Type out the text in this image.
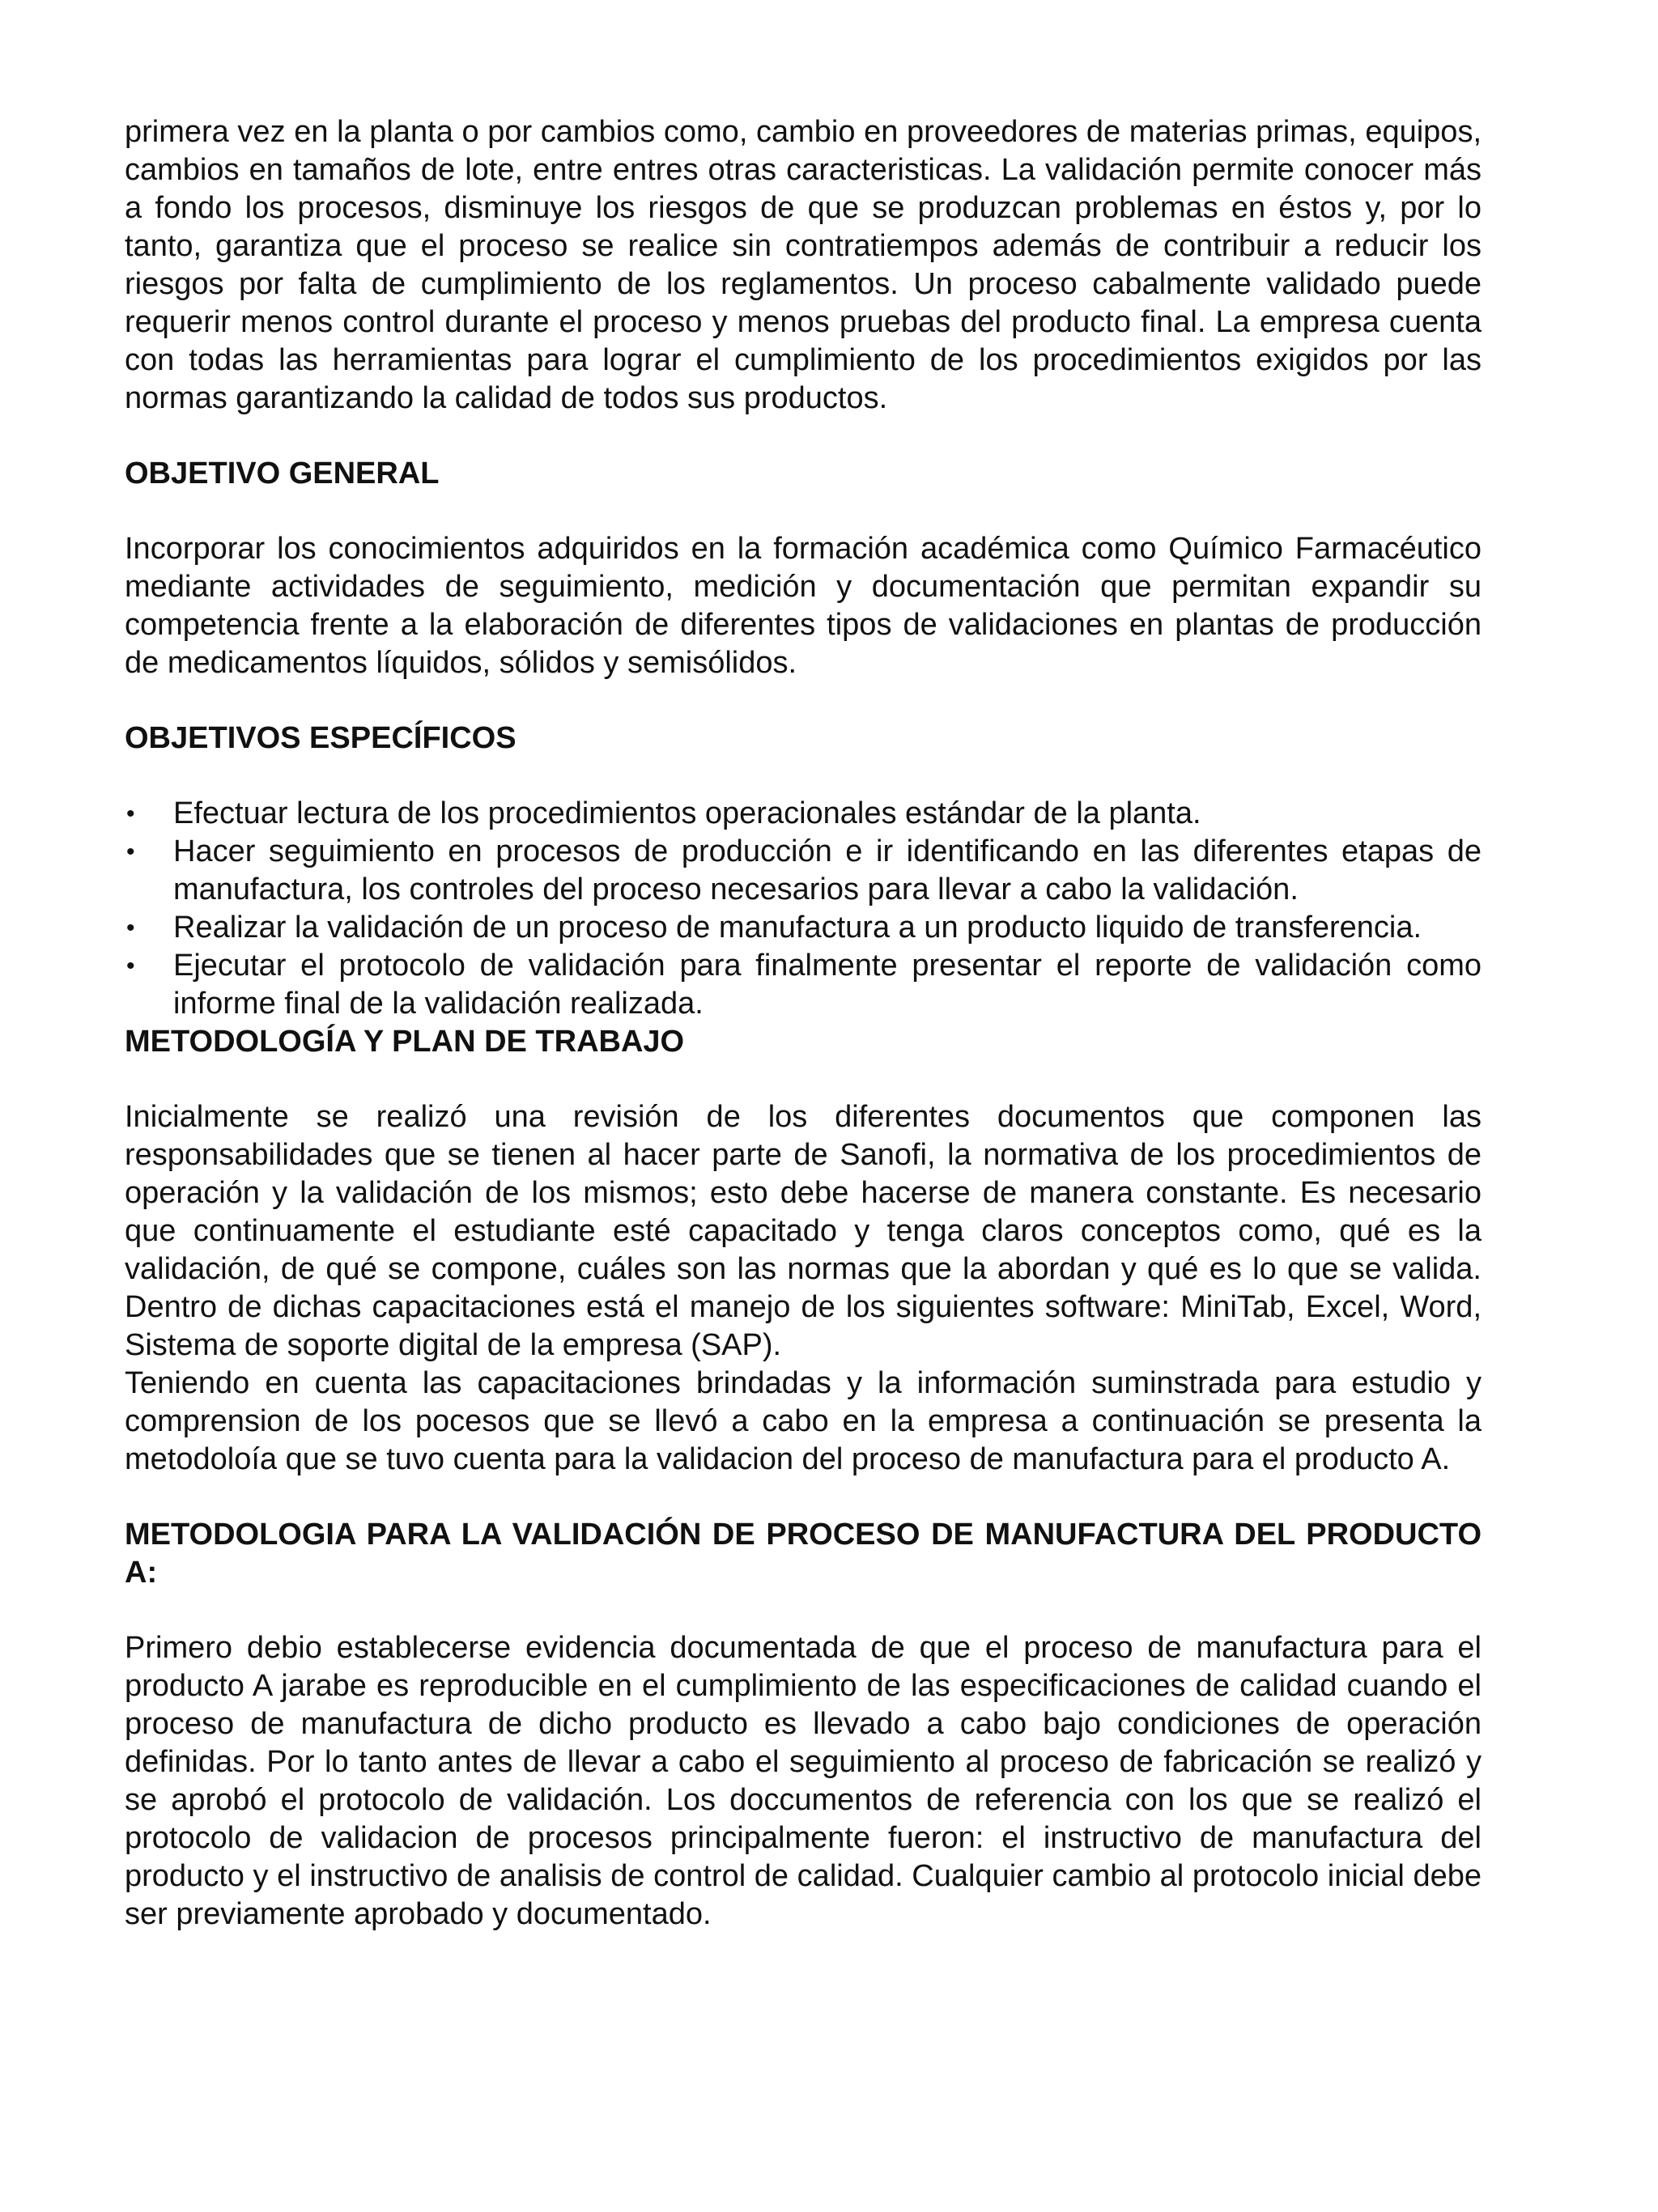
primera vez en la planta o por cambios como, cambio en proveedores de materias primas, equipos, cambios en tamaños de lote, entre entres otras caracteristicas. La validación permite conocer más a fondo los procesos, disminuye los riesgos de que se produzcan problemas en éstos y, por lo tanto, garantiza que el proceso se realice sin contratiempos además de contribuir a reducir los riesgos por falta de cumplimiento de los reglamentos. Un proceso cabalmente validado puede requerir menos control durante el proceso y menos pruebas del producto final. La empresa cuenta con todas las herramientas para lograr el cumplimiento de los procedimientos exigidos por las normas garantizando la calidad de todos sus productos.

OBJETIVO GENERAL

Incorporar los conocimientos adquiridos en la formación académica como Químico Farmacéutico mediante actividades de seguimiento, medición y documentación que permitan expandir su competencia frente a la elaboración de diferentes tipos de validaciones en plantas de producción de medicamentos líquidos, sólidos y semisólidos.

OBJETIVOS ESPECÍFICOS
• Efectuar lectura de los procedimientos operacionales estándar de la planta.
• Hacer seguimiento en procesos de producción e ir identificando en las diferentes etapas de manufactura, los controles del proceso necesarios para llevar a cabo la validación.
• Realizar la validación de un proceso de manufactura a un producto liquido de transferencia.
• Ejecutar el protocolo de validación para finalmente presentar el reporte de validación como informe final de la validación realizada.
METODOLOGÍA Y PLAN DE TRABAJO

Inicialmente se realizó una revisión de los diferentes documentos que componen las responsabilidades que se tienen al hacer parte de Sanofi, la normativa de los procedimientos de operación y la validación de los mismos; esto debe hacerse de manera constante. Es necesario que continuamente el estudiante esté capacitado y tenga claros conceptos como, qué es la validación, de qué se compone, cuáles son las normas que la abordan y qué es lo que se valida. Dentro de dichas capacitaciones está el manejo de los siguientes software: MiniTab, Excel, Word, Sistema de soporte digital de la empresa (SAP).

Teniendo en cuenta las capacitaciones brindadas y la información suminstrada para estudio y comprension de los pocesos que se llevó a cabo en la empresa a continuación se presenta la metodoloía que se tuvo cuenta para la validacion del proceso de manufactura para el producto A.

METODOLOGIA PARA LA VALIDACIÓN DE PROCESO DE MANUFACTURA DEL PRODUCTO A:

Primero debio establecerse evidencia documentada de que el proceso de manufactura para el producto A jarabe es reproducible en el cumplimiento de las especificaciones de calidad cuando el proceso de manufactura de dicho producto es llevado a cabo bajo condiciones de operación definidas. Por lo tanto antes de llevar a cabo el seguimiento al proceso de fabricación se realizó y se aprobó el protocolo de validación. Los doccumentos de referencia con los que se realizó el protocolo de validacion de procesos principalmente fueron: el instructivo de manufactura del producto y el instructivo de analisis de control de calidad. Cualquier cambio al protocolo inicial debe ser previamente aprobado y documentado.
